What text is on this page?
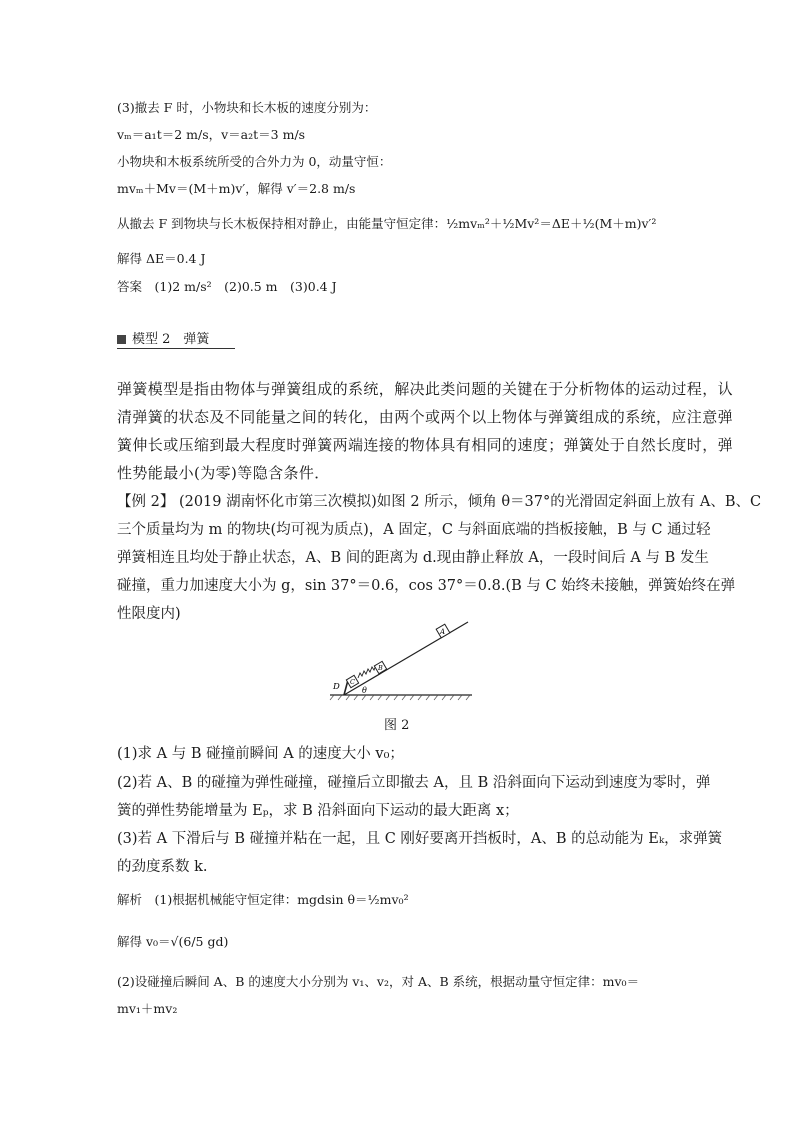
(3)撤去 F 时，小物块和长木板的速度分别为：
vₘ＝a₁t＝2 m/s，v＝a₂t＝3 m/s
小物块和木板系统所受的合外力为 0，动量守恒：
mvₘ＋Mv＝(M＋m)v′，解得 v′＝2.8 m/s
从撤去 F 到物块与长木板保持相对静止，由能量守恒定律：½mvₘ²＋½Mv²＝ΔE＋½(M＋m)v′²
解得 ΔE＝0.4 J
答案　(1)2 m/s²　(2)0.5 m　(3)0.4 J
模型 2　弹簧
弹簧模型是指由物体与弹簧组成的系统，解决此类问题的关键在于分析物体的运动过程，认
清弹簧的状态及不同能量之间的转化，由两个或两个以上物体与弹簧组成的系统，应注意弹
簧伸长或压缩到最大程度时弹簧两端连接的物体具有相同的速度；弹簧处于自然长度时，弹
性势能最小(为零)等隐含条件．
【例 2】 (2019 湖南怀化市第三次模拟)如图 2 所示，倾角 θ＝37°的光滑固定斜面上放有 A、B、C
三个质量均为 m 的物块(均可视为质点)，A 固定，C 与斜面底端的挡板接触，B 与 C 通过轻
弹簧相连且均处于静止状态，A、B 间的距离为 d.现由静止释放 A，一段时间后 A 与 B 发生
碰撞，重力加速度大小为 g，sin 37°＝0.6，cos 37°＝0.8.(B 与 C 始终未接触，弹簧始终在弹
性限度内)
D C
B
A
θ
图 2
(1)求 A 与 B 碰撞前瞬间 A 的速度大小 v₀；
(2)若 A、B 的碰撞为弹性碰撞，碰撞后立即撤去 A，且 B 沿斜面向下运动到速度为零时，弹
簧的弹性势能增量为 Eₚ，求 B 沿斜面向下运动的最大距离 x；
(3)若 A 下滑后与 B 碰撞并粘在一起，且 C 刚好要离开挡板时，A、B 的总动能为 Eₖ，求弹簧
的劲度系数 k.
解析　(1)根据机械能守恒定律：mgdsin θ＝½mv₀²
解得 v₀＝√(6/5 gd)
(2)设碰撞后瞬间 A、B 的速度大小分别为 v₁、v₂，对 A、B 系统，根据动量守恒定律：mv₀＝
mv₁＋mv₂
